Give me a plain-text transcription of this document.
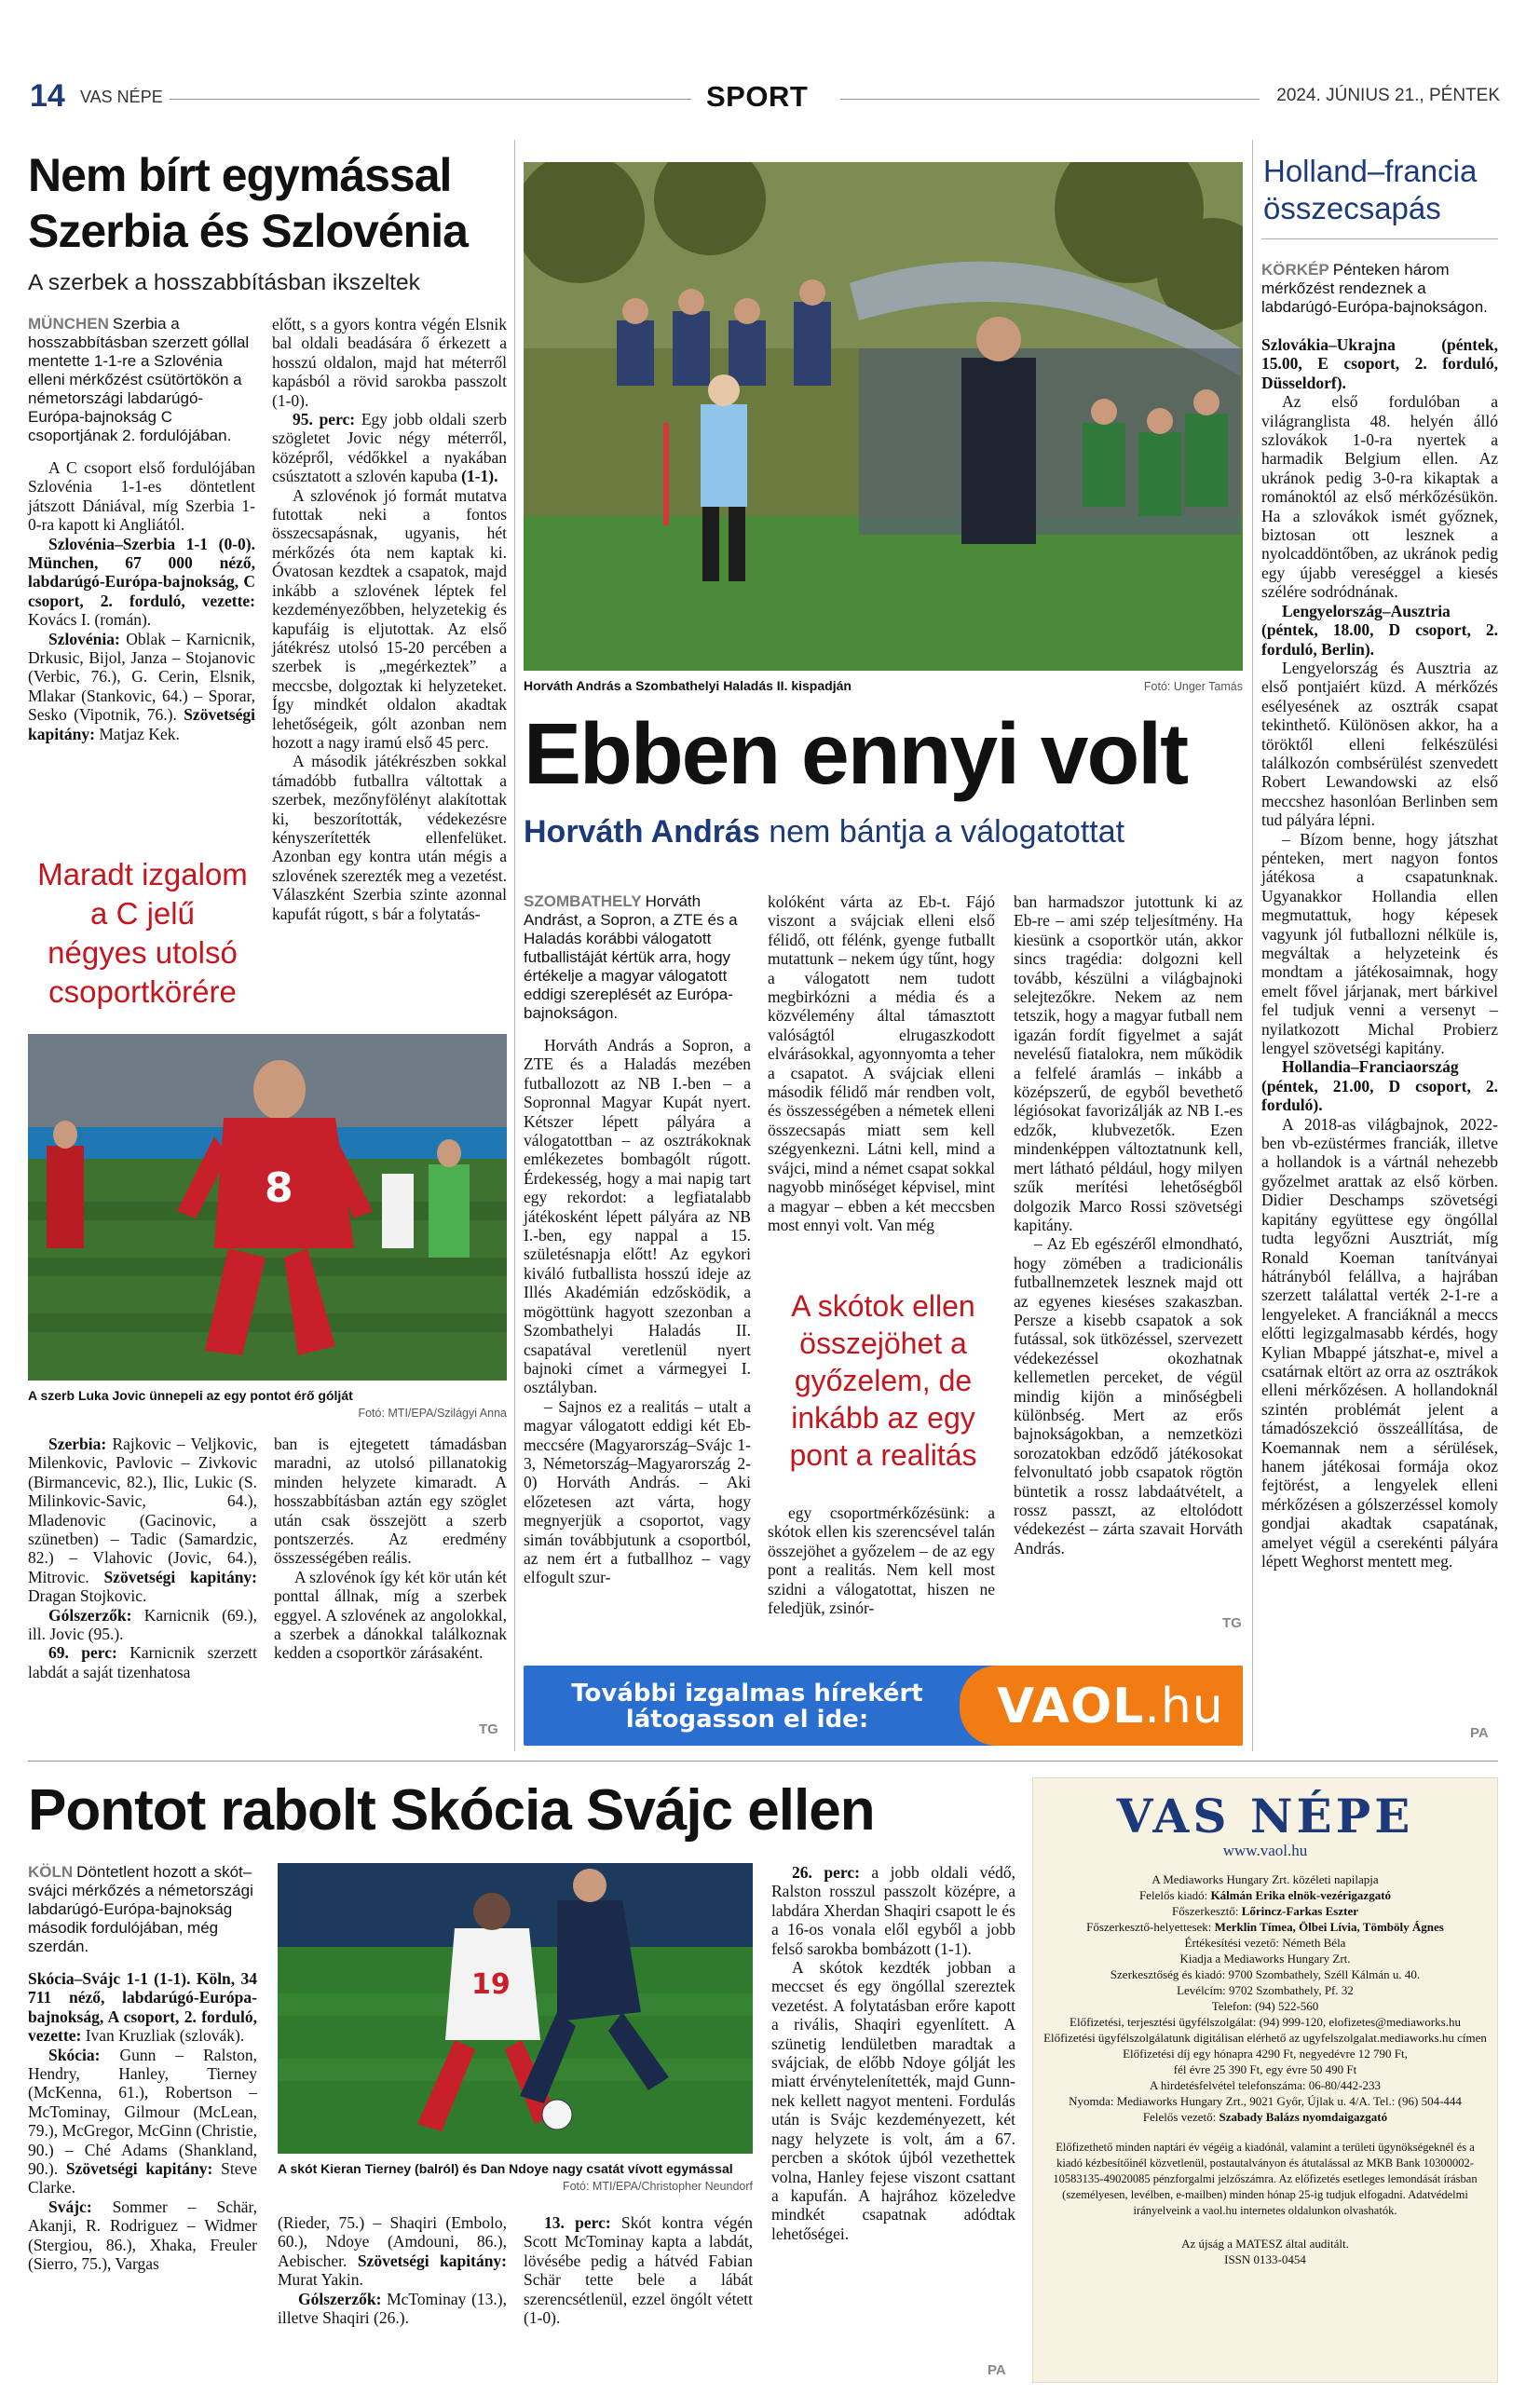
14 VAS NÉPE	SPORT	2024. JÚNIUS 21., PÉNTEK
Nem bírt egymással
Szerbia és Szlovénia
A szerbek a hosszabbításban ikszeltek

MÜNCHEN Szerbia a hosszabbításban szerzett góllal mentette 1-1-re a Szlovénia elleni mérkőzést csütörtökön a németországi labdarúgó-Európa-bajnokság C csoportjának 2. fordulójában.

A C csoport első fordulójában Szlovénia 1-1-es döntetlent játszott Dániával, míg Szerbia 1-0-ra kapott ki Angliától.

Szlovénia–Szerbia 1-1 (0-0). München, 67 000 néző, labdarúgó-Európa-bajnokság, C csoport, 2. forduló, vezette: Kovács I. (román).

Szlovénia: Oblak – Karnicnik, Drkusic, Bijol, Janza – Stojanovic (Verbic, 76.), G. Cerin, Elsnik, Mlakar (Stankovic, 64.) – Sporar, Sesko (Vipotnik, 76.). Szövetségi kapitány: Matjaz Kek.

Maradt izgalom a C jelű négyes utolsó csoportkörére

előtt, s a gyors kontra végén Elsnik bal oldali beadására ő érkezett a hosszú oldalon, majd hat méterről kapásból a rövid sarokba passzolt (1-0).

95. perc: Egy jobb oldali szerb szögletet Jovic négy méterről, középről, védőkkel a nyakában csúsztatott a szlovén kapuba (1-1).

A szlovénok jó formát mutatva futottak neki a fontos összecsapásnak, ugyanis, hét mérkőzés óta nem kaptak ki. Óvatosan kezdtek a csapatok, majd inkább a szlovének léptek fel kezdeményezőbben, helyzetekig és kapufáig is eljutottak. Az első játékrész utolsó 15-20 percében a szerbek is „megérkeztek” a meccsbe, dolgoztak ki helyzeteket. Így mindkét oldalon akadtak lehetőségeik, gólt azonban nem hozott a nagy iramú első 45 perc.

A második játékrészben sokkal támadóbb futballra váltottak a szerbek, mezőnyfölényt alakítottak ki, beszorították, védekezésre kényszerítették ellenfelüket. Azonban egy kontra után mégis a szlovének szerezték meg a vezetést. Válaszként Szerbia szinte azonnal kapufát rúgott, s bár a folytatás-

8
A szerb Luka Jovic ünnepeli az egy pontot érő gólját
Fotó: MTI/EPA/Szilágyi Anna

Szerbia: Rajkovic – Veljkovic, Milenkovic, Pavlovic – Zivkovic (Birmancevic, 82.), Ilic, Lukic (S. Milinkovic-Savic, 64.), Mladenovic (Gacinovic, a szünetben) – Tadic (Samardzic, 82.) – Vlahovic (Jovic, 64.), Mitrovic. Szövetségi kapitány: Dragan Stojkovic.

Gólszerzők: Karnicnik (69.), ill. Jovic (95.).

69. perc: Karnicnik szerzett labdát a saját tizenhatosa

ban is ejtegetett támadásban maradni, az utolsó pillanatokig minden helyzete kimaradt. A hosszabbításban aztán egy szöglet után csak összejött a szerb pontszerzés. Az eredmény összességében reális.

A szlovénok így két kör után két ponttal állnak, míg a szerbek eggyel. A szlovének az angolokkal, a szerbek a dánokkal találkoznak kedden a csoportkör zárásaként.

TG
Horváth András a Szombathelyi Haladás II. kispadján	Fotó: Unger Tamás
Ebben ennyi volt
Horváth András nem bántja a válogatottat

SZOMBATHELY Horváth Andrást, a Sopron, a ZTE és a Haladás korábbi válogatott futballistáját kértük arra, hogy értékelje a magyar válogatott eddigi szereplését az Európa-bajnokságon.

Horváth András a Sopron, a ZTE és a Haladás mezében futballozott az NB I.-ben – a Sopronnal Magyar Kupát nyert. Kétszer lépett pályára a válogatottban – az osztrákoknak emlékezetes bombagólt rúgott. Érdekesség, hogy a mai napig tart egy rekordot: a legfiatalabb játékosként lépett pályára az NB I.-ben, egy nappal a 15. születésnapja előtt! Az egykori kiváló futballista hosszú ideje az Illés Akadémián edzősködik, a mögöttünk hagyott szezonban a Szombathelyi Haladás II. csapatával veretlenül nyert bajnoki címet a vármegyei I. osztályban.

– Sajnos ez a realitás – utalt a magyar válogatott eddigi két Eb-meccsére (Magyarország–Svájc 1-3, Németország–Magyarország 2-0) Horváth András. – Aki előzetesen azt várta, hogy megnyerjük a csoportot, vagy simán továbbjutunk a csoportból, az nem ért a futballhoz – vagy elfogult szur-

kolóként várta az Eb-t. Fájó viszont a svájciak elleni első félidő, ott félénk, gyenge futballt mutattunk – nekem úgy tűnt, hogy a válogatott nem tudott megbirkózni a média és a közvélemény által támasztott valóságtól elrugaszkodott elvárásokkal, agyonnyomta a teher a csapatot. A svájciak elleni második félidő már rendben volt, és összességében a németek elleni összecsapás miatt sem kell szégyenkezni. Látni kell, mind a svájci, mind a német csapat sokkal nagyobb minőséget képvisel, mint a magyar – ebben a két meccsben most ennyi volt. Van még

A skótok ellen összejöhet a győzelem, de inkább az egy pont a realitás

egy csoportmérkőzésünk: a skótok ellen kis szerencsével talán összejöhet a győzelem – de az egy pont a realitás. Nem kell most szidni a válogatottat, hiszen ne feledjük, zsinór-

ban harmadszor jutottunk ki az Eb-re – ami szép teljesítmény. Ha kiesünk a csoportkör után, akkor sincs tragédia: dolgozni kell tovább, készülni a világbajnoki selejtezőkre. Nekem az nem tetszik, hogy a magyar futball nem igazán fordít figyelmet a saját nevelésű fiatalokra, nem működik a felfelé áramlás – inkább a középszerű, de egyből bevethető légiósokat favorizálják az NB I.-es edzők, klubvezetők. Ezen mindenképpen változtatnunk kell, mert látható például, hogy milyen szűk merítési lehetőségből dolgozik Marco Rossi szövetségi kapitány.

– Az Eb egészéről elmondható, hogy zömében a tradicionális futballnemzetek lesznek majd ott az egyenes kieséses szakaszban. Persze a kisebb csapatok a sok futással, sok ütközéssel, szervezett védekezéssel okozhatnak kellemetlen perceket, de végül mindig kijön a minőségbeli különbség. Mert az erős bajnokságokban, a nemzetközi sorozatokban edződő játékosokat felvonultató jobb csapatok rögtön büntetik a rossz labdaátvételt, a rossz passzt, az eltolódott védekezést – zárta szavait Horváth András.

TG
További izgalmas hírekért
látogasson el ide:	VAOL.hu
Holland–francia
összecsapás

KÖRKÉP Pénteken három mérkőzést rendeznek a labdarúgó-Európa-bajnokságon.

Szlovákia–Ukrajna (péntek, 15.00, E csoport, 2. forduló, Düsseldorf).

Az első fordulóban a világranglista 48. helyén álló szlovákok 1-0-ra nyertek a harmadik Belgium ellen. Az ukránok pedig 3-0-ra kikaptak a románoktól az első mérkőzésükön. Ha a szlovákok ismét győznek, biztosan ott lesznek a nyolcaddöntőben, az ukránok pedig egy újabb vereséggel a kiesés szélére sodródnának.

Lengyelország–Ausztria (péntek, 18.00, D csoport, 2. forduló, Berlin).

Lengyelország és Ausztria az első pontjaiért küzd. A mérkőzés esélyesének az osztrák csapat tekinthető. Különösen akkor, ha a töröktől elleni felkészülési találkozón combsérülést szenvedett Robert Lewandowski az első meccshez hasonlóan Berlinben sem tud pályára lépni.

– Bízom benne, hogy játszhat pénteken, mert nagyon fontos játékosa a csapatunknak. Ugyanakkor Hollandia ellen megmutattuk, hogy képesek vagyunk jól futballozni nélküle is, megváltak a helyzeteink és mondtam a játékosaimnak, hogy emelt fővel járjanak, mert bárkivel fel tudjuk venni a versenyt – nyilatkozott Michal Probierz lengyel szövetségi kapitány.

Hollandia–Franciaország (péntek, 21.00, D csoport, 2. forduló).

A 2018-as világbajnok, 2022-ben vb-ezüstérmes franciák, illetve a hollandok is a vártnál nehezebb győzelmet arattak az első körben. Didier Deschamps szövetségi kapitány együttese egy öngóllal tudta legyőzni Ausztriát, míg Ronald Koeman tanítványai hátrányból felállva, a hajrában szerzett találattal verték 2-1-re a lengyeleket. A franciáknál a meccs előtti legizgalmasabb kérdés, hogy Kylian Mbappé játszhat-e, mivel a csatárnak eltört az orra az osztrákok elleni mérkőzésen. A hollandoknál szintén problémát jelent a támadószekció összeállítása, de Koemannak nem a sérülések, hanem játékosai formája okoz fejtörést, a lengyelek elleni mérkőzésen a gólszerzéssel komoly gondjai akadtak csapatának, amelyet végül a cserekénti pályára lépett Weghorst mentett meg.

PA
Pontot rabolt Skócia Svájc ellen

KÖLN Döntetlent hozott a skót–svájci mérkőzés a németországi labdarúgó-Európa-bajnokság második fordulójában, még szerdán.

Skócia–Svájc 1-1 (1-1). Köln, 34 711 néző, labdarúgó-Európa-bajnokság, A csoport, 2. forduló, vezette: Ivan Kruzliak (szlovák).

Skócia: Gunn – Ralston, Hendry, Hanley, Tierney (McKenna, 61.), Robertson – McTominay, Gilmour (McLean, 79.), McGregor, McGinn (Christie, 90.) – Ché Adams (Shankland, 90.). Szövetségi kapitány: Steve Clarke.

Svájc: Sommer – Schär, Akanji, R. Rodriguez – Widmer (Stergiou, 86.), Xhaka, Freuler (Sierro, 75.), Vargas

19
A skót Kieran Tierney (balról) és Dan Ndoye nagy csatát vívott egymással
Fotó: MTI/EPA/Christopher Neundorf

(Rieder, 75.) – Shaqiri (Embolo, 60.), Ndoye (Amdouni, 86.), Aebischer. Szövetségi kapitány: Murat Yakin.

Gólszerzők: McTominay (13.), illetve Shaqiri (26.).

13. perc: Skót kontra végén Scott McTominay kapta a labdát, lövésébe pedig a hátvéd Fabian Schär tette bele a lábát szerencsétlenül, ezzel öngólt vétett (1-0).

26. perc: a jobb oldali védő, Ralston rosszul passzolt középre, a labdára Xherdan Shaqiri csapott le és a 16-os vonala elől egyből a jobb felső sarokba bombázott (1-1).

A skótok kezdték jobban a meccset és egy öngóllal szereztek vezetést. A folytatásban erőre kapott a rivális, Shaqiri egyenlített. A szünetig lendületben maradtak a svájciak, de előbb Ndoye gólját les miatt érvénytelenítették, majd Gunn-nek kellett nagyot menteni. Fordulás után is Svájc kezdeményezett, két nagy helyzete is volt, ám a 67. percben a skótok újból vezethettek volna, Hanley fejese viszont csattant a kapufán. A hajrához közeledve mindkét csapatnak adódtak lehetőségei.

PA
VAS NÉPE
www.vaol.hu
A Mediaworks Hungary Zrt. közéleti napilapja
Felelős kiadó: Kálmán Erika elnök-vezérigazgató
Főszerkesztő: Lőrincz-Farkas Eszter
Főszerkesztő-helyettesek: Merklin Tímea, Ölbei Lívia, Tömböly Ágnes
Értékesítési vezető: Németh Béla
Kiadja a Mediaworks Hungary Zrt.
Szerkesztőség és kiadó: 9700 Szombathely, Széll Kálmán u. 40.
Levélcím: 9702 Szombathely, Pf. 32
Telefon: (94) 522-560
Előfizetési, terjesztési ügyfélszolgálat: (94) 999-120, elofizetes@mediaworks.hu
Előfizetési ügyfélszolgálatunk digitálisan elérhető az ugyfelszolgalat.mediaworks.hu címen
Előfizetési díj egy hónapra 4290 Ft, negyedévre 12 790 Ft,
fél évre 25 390 Ft, egy évre 50 490 Ft
A hirdetésfelvétel telefonszáma: 06-80/442-233
Nyomda: Mediaworks Hungary Zrt., 9021 Győr, Újlak u. 4/A. Tel.: (96) 504-444
Felelős vezető: Szabady Balázs nyomdaigazgató
Előfizethető minden naptári év végéig a kiadónál, valamint a területi ügynökségeknél és a kiadó kézbesítőinél közvetlenül, postautalványon és átutalással az MKB Bank 10300002-10583135-49020085 pénzforgalmi jelzőszámra. Az előfizetés esetleges lemondását írásban (személyesen, levélben, e-mailben) minden hónap 25-ig tudjuk elfogadni. Adatvédelmi irányelveink a vaol.hu internetes oldalunkon olvashatók.
Az újság a MATESZ által auditált.
ISSN 0133-0454
